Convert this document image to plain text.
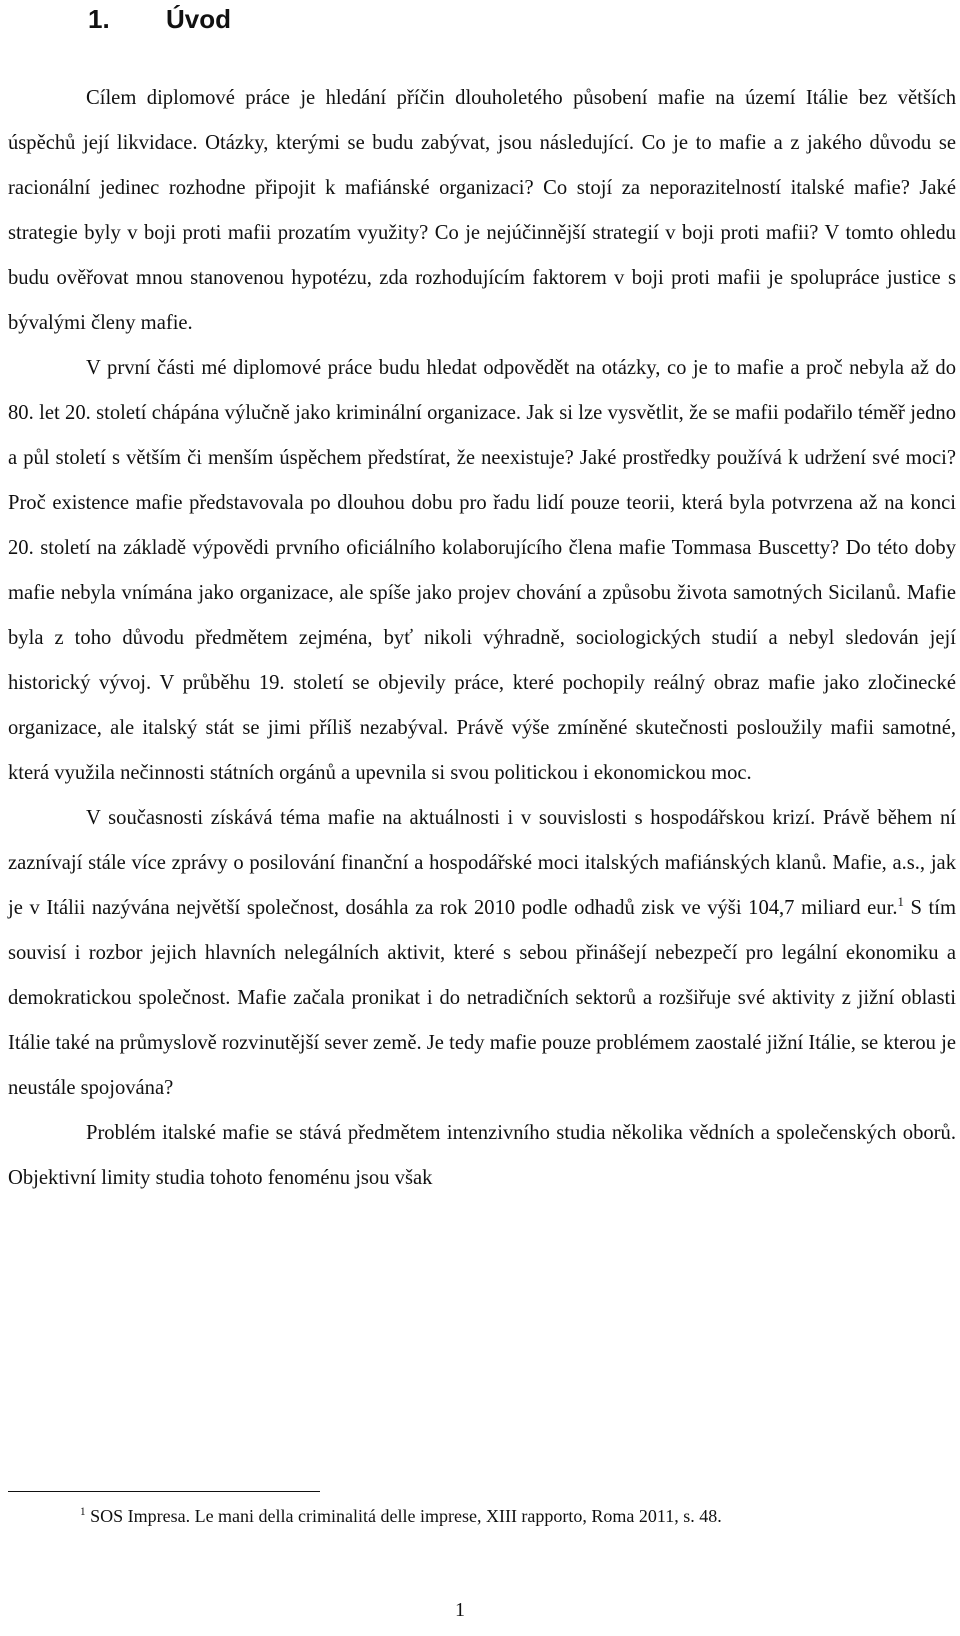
1. Úvod

Cílem diplomové práce je hledání příčin dlouholetého působení mafie na území Itálie bez větších úspěchů její likvidace. Otázky, kterými se budu zabývat, jsou následující. Co je to mafie a z jakého důvodu se racionální jedinec rozhodne připojit k mafiánské organizaci? Co stojí za neporazitelností italské mafie? Jaké strategie byly v boji proti mafii prozatím využity? Co je nejúčinnější strategií v boji proti mafii? V tomto ohledu budu ověřovat mnou stanovenou hypotézu, zda rozhodujícím faktorem v boji proti mafii je spolupráce justice s bývalými členy mafie.

V první části mé diplomové práce budu hledat odpovědět na otázky, co je to mafie a proč nebyla až do 80. let 20. století chápána výlučně jako kriminální organizace. Jak si lze vysvětlit, že se mafii podařilo téměř jedno a půl století s větším či menším úspěchem předstírat, že neexistuje? Jaké prostředky používá k udržení své moci? Proč existence mafie představovala po dlouhou dobu pro řadu lidí pouze teorii, která byla potvrzena až na konci 20. století na základě výpovědi prvního oficiálního kolaborujícího člena mafie Tommasa Buscetty? Do této doby mafie nebyla vnímána jako organizace, ale spíše jako projev chování a způsobu života samotných Sicilanů. Mafie byla z toho důvodu předmětem zejména, byť nikoli výhradně, sociologických studií a nebyl sledován její historický vývoj. V průběhu 19. století se objevily práce, které pochopily reálný obraz mafie jako zločinecké organizace, ale italský stát se jimi příliš nezabýval. Právě výše zmíněné skutečnosti posloužily mafii samotné, která využila nečinnosti státních orgánů a upevnila si svou politickou i ekonomickou moc.

V současnosti získává téma mafie na aktuálnosti i v souvislosti s hospodářskou krizí. Právě během ní zaznívají stále více zprávy o posilování finanční a hospodářské moci italských mafiánských klanů. Mafie, a.s., jak je v Itálii nazývána největší společnost, dosáhla za rok 2010 podle odhadů zisk ve výši 104,7 miliard eur.$^1$ S tím souvisí i rozbor jejich hlavních nelegálních aktivit, které s sebou přinášejí nebezpečí pro legální ekonomiku a demokratickou společnost. Mafie začala pronikat i do netradičních sektorů a rozšiřuje své aktivity z jižní oblasti Itálie také na průmyslově rozvinutější sever země. Je tedy mafie pouze problémem zaostalé jižní Itálie, se kterou je neustále spojována?

Problém italské mafie se stává předmětem intenzivního studia několika vědních a společenských oborů. Objektivní limity studia tohoto fenoménu jsou však

$^1$ SOS Impresa. Le mani della criminalitá delle imprese, XIII rapporto, Roma 2011, s. 48.

1
